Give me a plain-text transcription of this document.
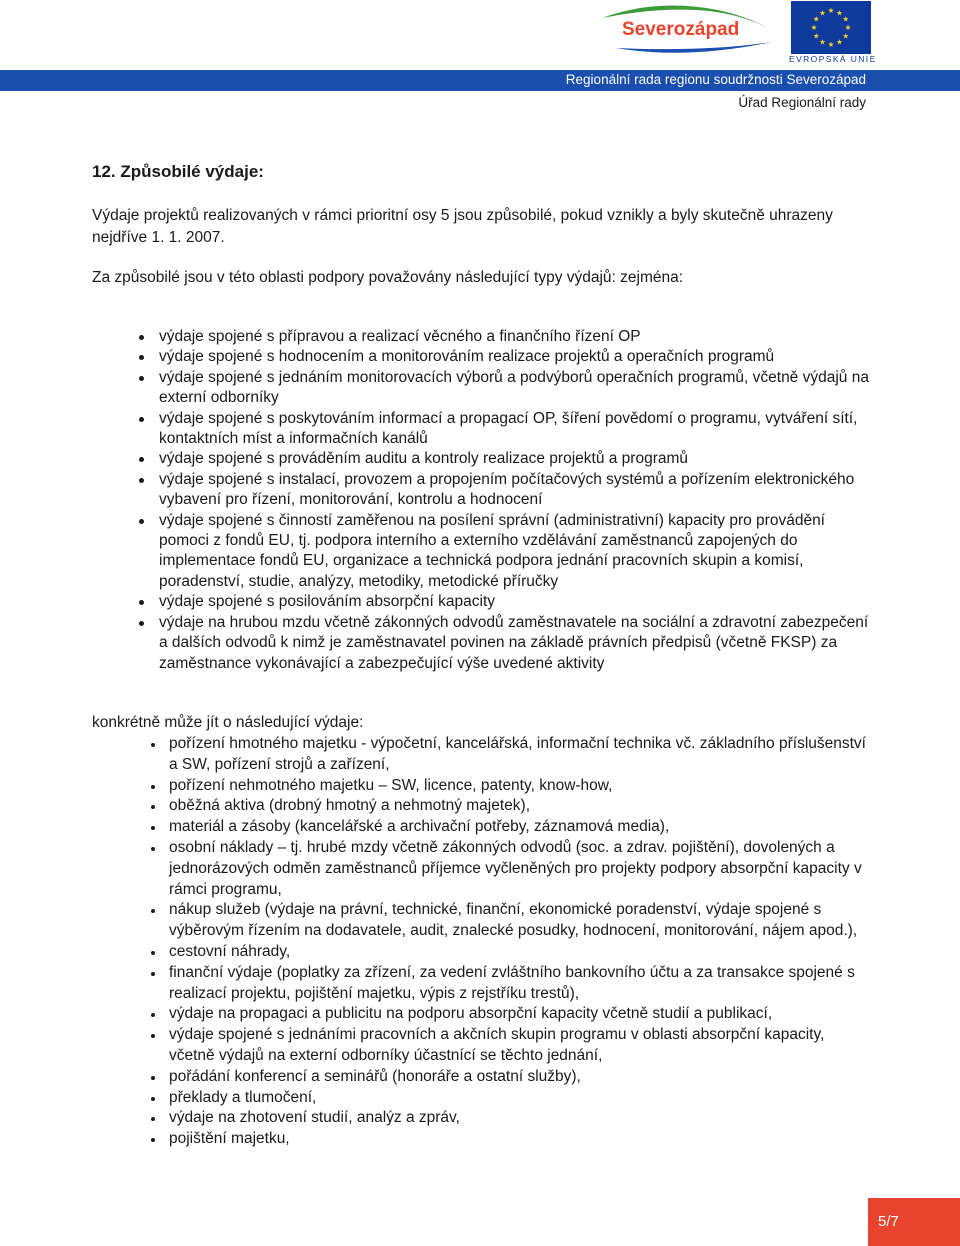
Severozápad
★ ★
★
★
★
★
★
★
★
★
★
★
EVROPSKÁ UNIE
Regionální rada regionu soudržnosti Severozápad
Úřad Regionální rady
12. Způsobilé výdaje:

Výdaje projektů realizovaných v rámci prioritní osy 5 jsou způsobilé, pokud vznikly a byly skutečně uhrazeny nejdříve 1. 1. 2007.

Za způsobilé jsou v této oblasti podpory považovány následující typy výdajů: zejména:

výdaje spojené s přípravou a realizací věcného a finančního řízení OP
výdaje spojené s hodnocením a monitorováním realizace projektů a operačních programů
výdaje spojené s jednáním monitorovacích výborů a podvýborů operačních programů, včetně výdajů na externí odborníky
výdaje spojené s poskytováním informací a propagací OP, šíření povědomí o programu, vytváření sítí, kontaktních míst a informačních kanálů
výdaje spojené s prováděním auditu a kontroly realizace projektů a programů
výdaje spojené s instalací, provozem a propojením počítačových systémů a pořízením elektronického vybavení pro řízení, monitorování, kontrolu a hodnocení
výdaje spojené s činností zaměřenou na posílení správní (administrativní) kapacity pro provádění pomoci z fondů EU, tj. podpora interního a externího vzdělávání zaměstnanců zapojených do implementace fondů EU, organizace a technická podpora jednání pracovních skupin a komisí, poradenství, studie, analýzy, metodiky, metodické příručky
výdaje spojené s posilováním absorpční kapacity
výdaje na hrubou mzdu včetně zákonných odvodů zaměstnavatele na sociální a zdravotní zabezpečení a dalších odvodů k nimž je zaměstnavatel povinen na základě právních předpisů (včetně FKSP) za zaměstnance vykonávající a zabezpečující výše uvedené aktivity

konkrétně může jít o následující výdaje:

pořízení hmotného majetku - výpočetní, kancelářská, informační technika vč. základního příslušenství a SW, pořízení strojů a zařízení,
pořízení nehmotného majetku – SW, licence, patenty, know-how,
oběžná aktiva (drobný hmotný a nehmotný majetek),
materiál a zásoby (kancelářské a archivační potřeby, záznamová media),
osobní náklady – tj. hrubé mzdy včetně zákonných odvodů (soc. a zdrav. pojištění), dovolených a jednorázových odměn zaměstnanců příjemce vyčleněných pro projekty podpory absorpční kapacity v rámci programu,
nákup služeb (výdaje na právní, technické, finanční, ekonomické poradenství, výdaje spojené s výběrovým řízením na dodavatele, audit, znalecké posudky, hodnocení, monitorování, nájem apod.),
cestovní náhrady,
finanční výdaje (poplatky za zřízení, za vedení zvláštního bankovního účtu a za transakce spojené s realizací projektu, pojištění majetku, výpis z rejstříku trestů),
výdaje na propagaci a publicitu na podporu absorpční kapacity včetně studií a publikací,
výdaje spojené s jednáními pracovních a akčních skupin programu v oblasti absorpční kapacity, včetně výdajů na externí odborníky účastnící se těchto jednání,
pořádání konferencí a seminářů (honoráře a ostatní služby),
překlady a tlumočení,
výdaje na zhotovení studií, analýz a zpráv,
pojištění majetku,
5/7
